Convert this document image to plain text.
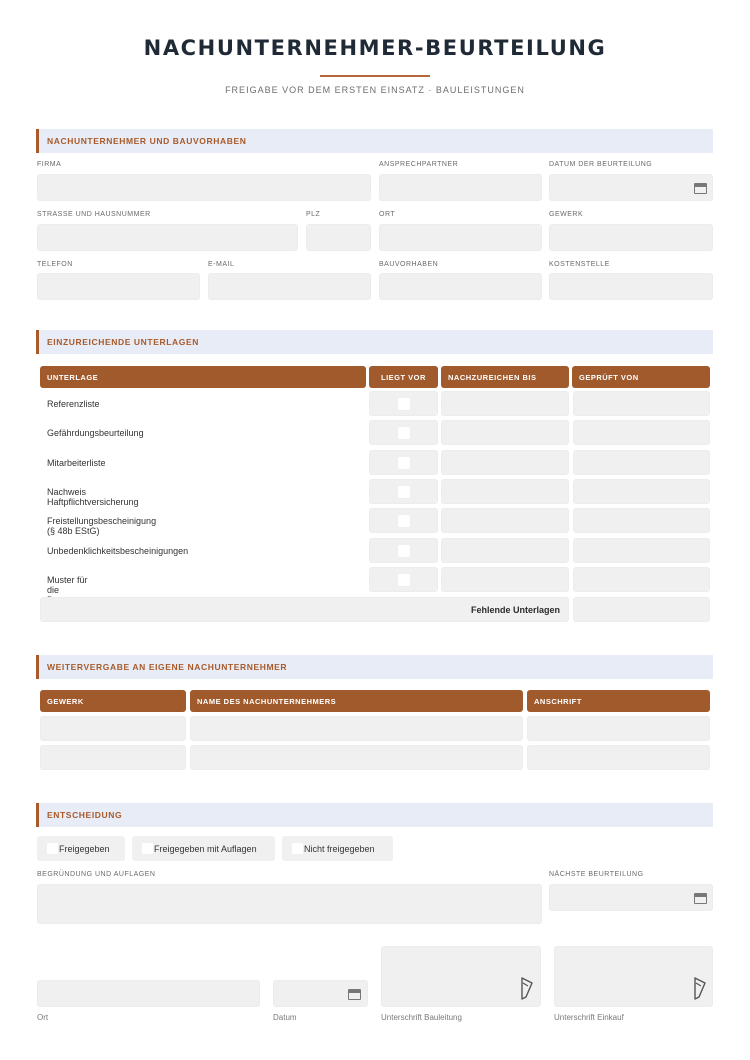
NACHUNTERNEHMER-BEURTEILUNG
FREIGABE VOR DEM ERSTEN EINSATZ · BAULEISTUNGEN
NACHUNTERNEHMER UND BAUVORHABEN
FIRMA	ANSPRECHPARTNER	DATUM DER BEURTEILUNG
STRASSE UND HAUSNUMMER	PLZ	ORT	GEWERK
TELEFON	E-MAIL	BAUVORHABEN	KOSTENSTELLE
EINZUREICHENDE UNTERLAGEN
UNTERLAGE	LIEGT VOR	NACHZUREICHEN BIS	GEPRÜFT VON
Referenzliste
Gefährdungsbeurteilung
Mitarbeiterliste
Nachweis Haftpflichtversicherung
Freistellungsbescheinigung (§ 48b EStG)
Unbedenklichkeitsbescheinigungen
Muster für die
Fehlende Unterlagen
WEITERVERGABE AN EIGENE NACHUNTERNEHMER
GEWERK	NAME DES NACHUNTERNEHMERS	ANSCHRIFT
ENTSCHEIDUNG
Freigegeben	Freigegeben mit Auflagen	Nicht freigegeben
BEGRÜNDUNG UND AUFLAGEN	NÄCHSTE BEURTEILUNG
Ort	Datum	Unterschrift Bauleitung	Unterschrift Einkauf
